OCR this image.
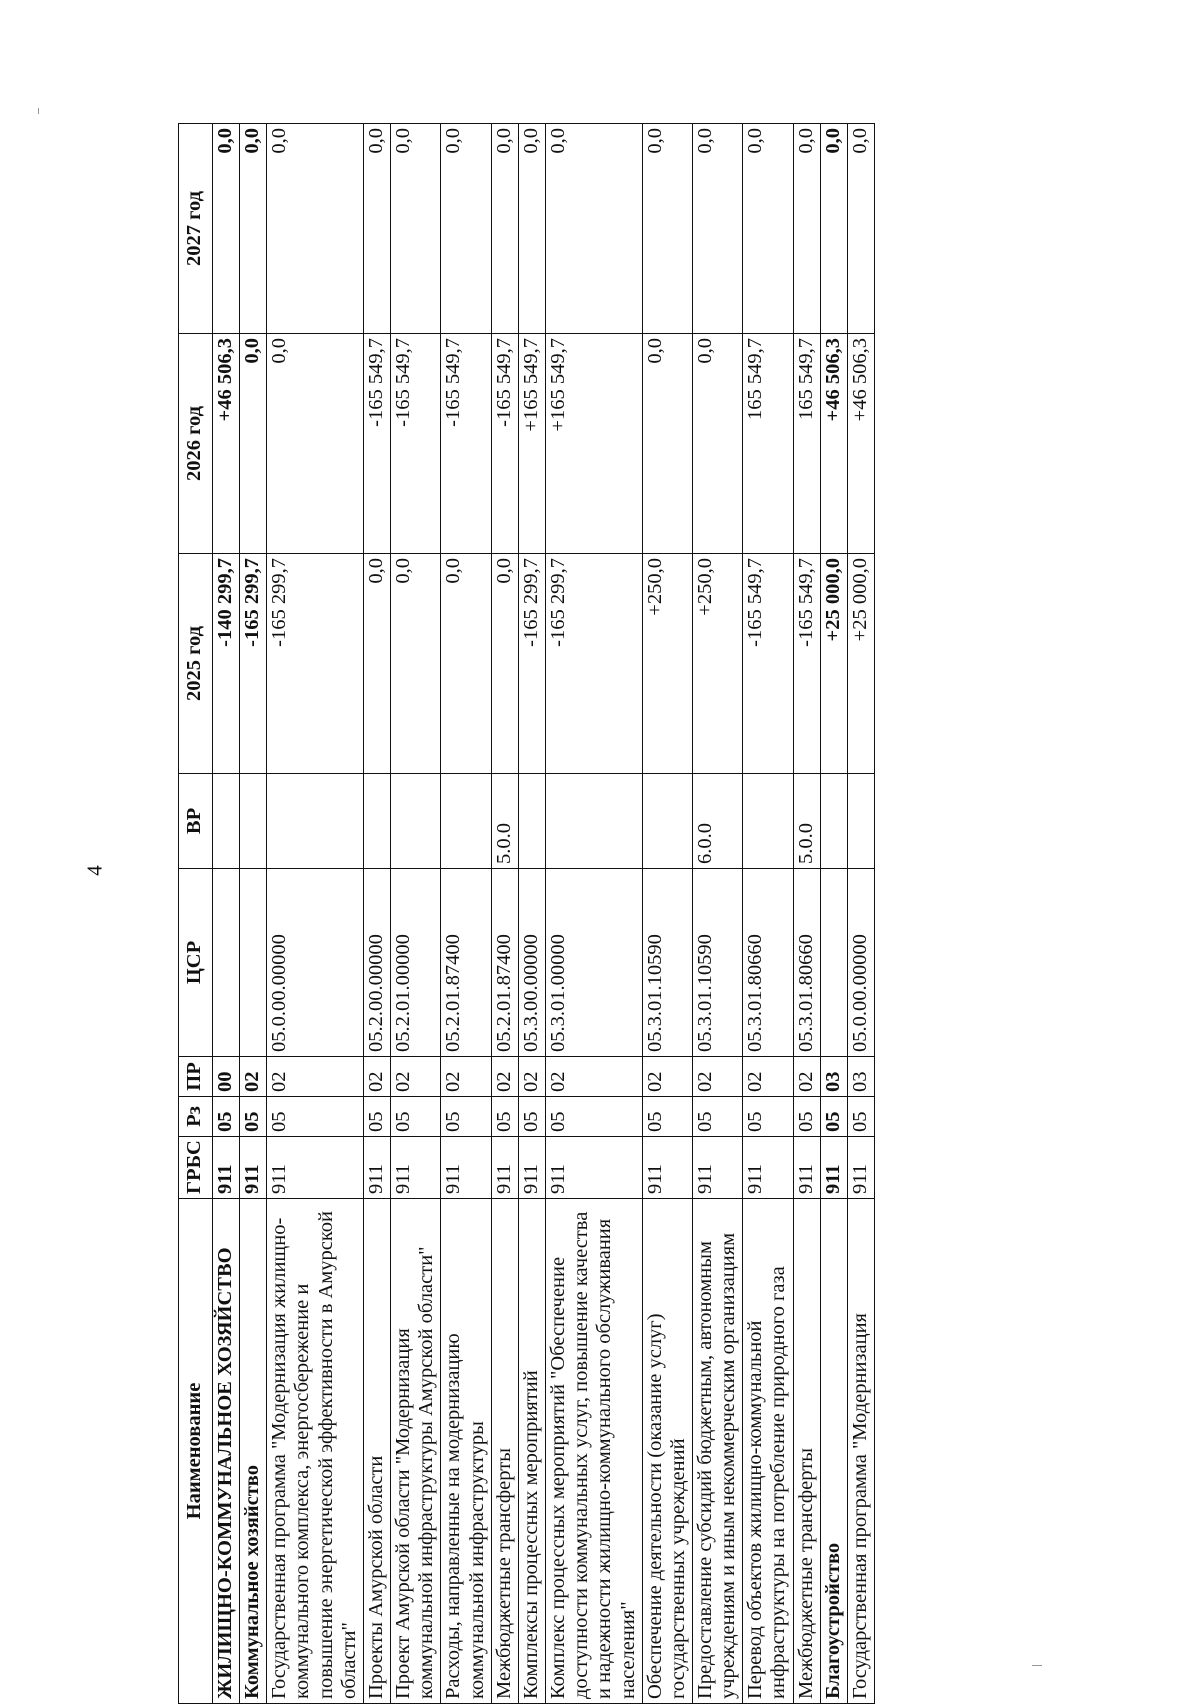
4
Наименование	ГРБС	Рз	ПР	ЦСР	ВР	2025 год	2026 год	2027 год
ЖИЛИЩНО-КОММУНАЛЬНОЕ ХОЗЯЙСТВО	911	05	00			-140 299,7	+46 506,3	0,0
Коммунальное хозяйство	911	05	02			-165 299,7	0,0	0,0
Государственная программа "Модернизация жилищно-коммунального комплекса, энергосбережение и повышение энергетической эффективности в Амурской области"	911	05	02	05.0.00.00000		-165 299,7	0,0	0,0
Проекты Амурской области	911	05	02	05.2.00.00000		0,0	-165 549,7	0,0
Проект Амурской области "Модернизация коммунальной инфраструктуры Амурской области"	911	05	02	05.2.01.00000		0,0	-165 549,7	0,0
Расходы, направленные на модернизацию коммунальной инфраструктуры	911	05	02	05.2.01.87400		0,0	-165 549,7	0,0
Межбюджетные трансферты	911	05	02	05.2.01.87400	5.0.0	0,0	-165 549,7	0,0
Комплексы процессных мероприятий	911	05	02	05.3.00.00000		-165 299,7	+165 549,7	0,0
Комплекс процессных мероприятий "Обеспечение доступности коммунальных услуг, повышение качества и надежности жилищно-коммунального обслуживания населения"	911	05	02	05.3.01.00000		-165 299,7	+165 549,7	0,0
Обеспечение деятельности (оказание услуг) государственных учреждений	911	05	02	05.3.01.10590		+250,0	0,0	0,0
Предоставление субсидий бюджетным, автономным учреждениям и иным некоммерческим организациям	911	05	02	05.3.01.10590	6.0.0	+250,0	0,0	0,0
Перевод объектов жилищно-коммунальной инфраструктуры на потребление природного газа	911	05	02	05.3.01.80660		-165 549,7	165 549,7	0,0
Межбюджетные трансферты	911	05	02	05.3.01.80660	5.0.0	-165 549,7	165 549,7	0,0
Благоустройство	911	05	03			+25 000,0	+46 506,3	0,0
Государственная программа "Модернизация	911	05	03	05.0.00.00000		+25 000,0	+46 506,3	0,0
